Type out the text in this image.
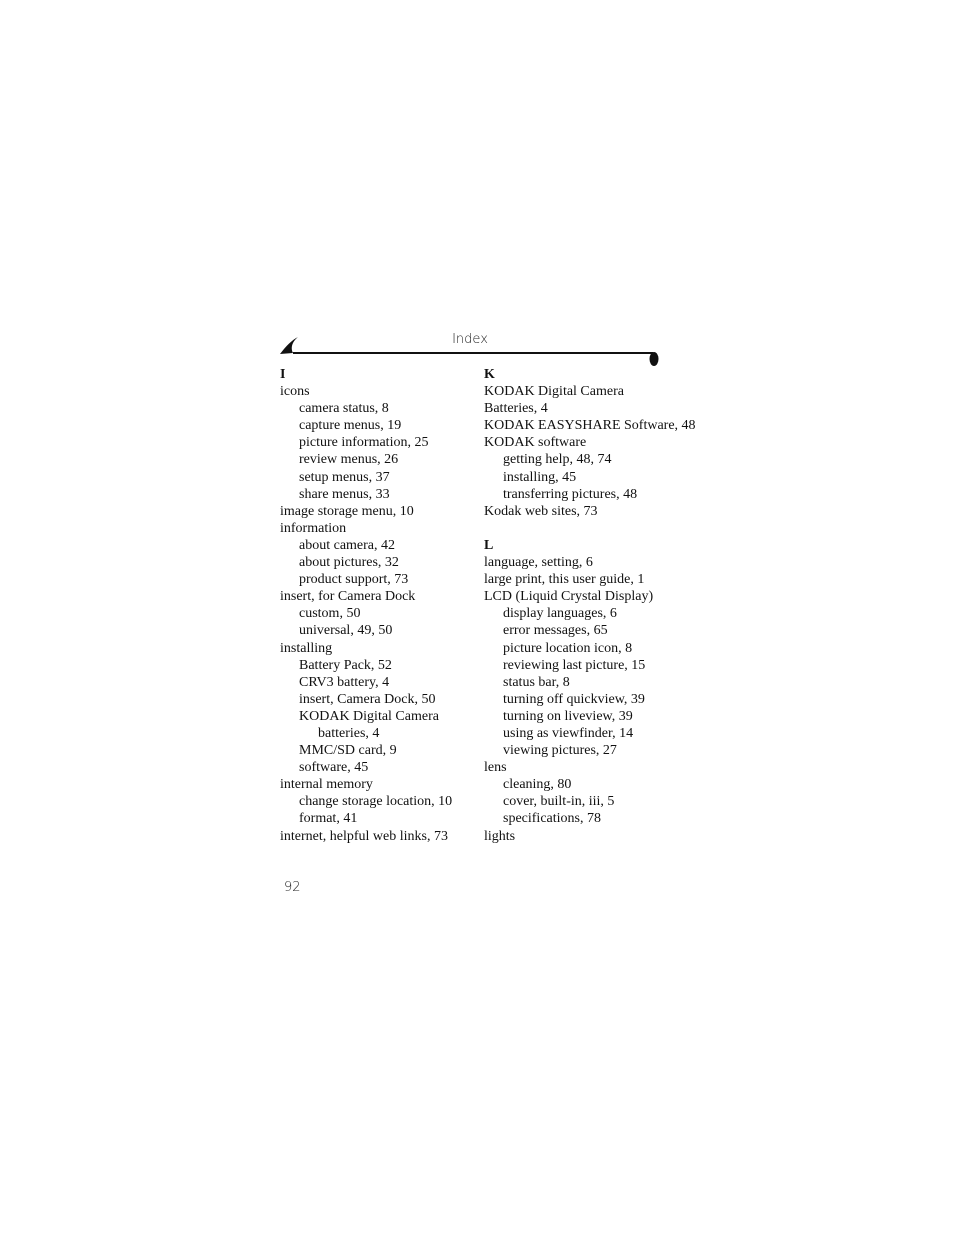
Index
I
icons
camera status, 8
capture menus, 19
picture information, 25
review menus, 26
setup menus, 37
share menus, 33
image storage menu, 10
information
about camera, 42
about pictures, 32
product support, 73
insert, for Camera Dock
custom, 50
universal, 49, 50
installing
Battery Pack, 52
CRV3 battery, 4
insert, Camera Dock, 50
KODAK Digital Camera
batteries, 4
MMC/SD card, 9
software, 45
internal memory
change storage location, 10
format, 41
internet, helpful web links, 73
K
KODAK Digital Camera
Batteries, 4
KODAK EASYSHARE Software, 48
KODAK software
getting help, 48, 74
installing, 45
transferring pictures, 48
Kodak web sites, 73
L
language, setting, 6
large print, this user guide, 1
LCD (Liquid Crystal Display)
display languages, 6
error messages, 65
picture location icon, 8
reviewing last picture, 15
status bar, 8
turning off quickview, 39
turning on liveview, 39
using as viewfinder, 14
viewing pictures, 27
lens
cleaning, 80
cover, built-in, iii, 5
specifications, 78
lights
92
